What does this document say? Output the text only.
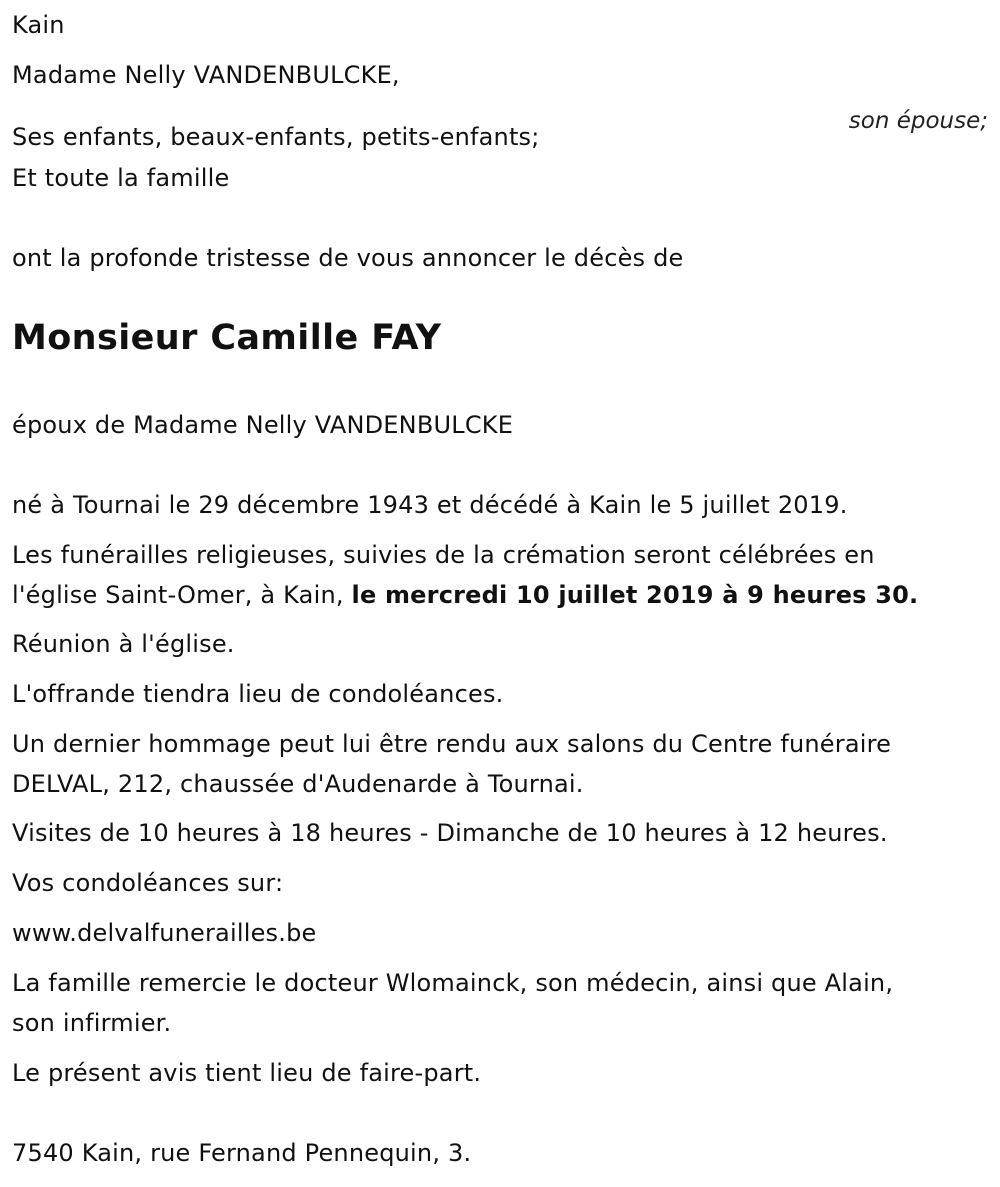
Kain

Madame Nelly VANDENBULCKE,

son épouse;

Ses enfants, beaux-enfants, petits-enfants;

Et toute la famille

ont la profonde tristesse de vous annoncer le décès de

Monsieur Camille FAY

époux de Madame Nelly VANDENBULCKE

né à Tournai le 29 décembre 1943 et décédé à Kain le 5 juillet 2019.

Les funérailles religieuses, suivies de la crémation seront célébrées en

l'église Saint-Omer, à Kain, le mercredi 10 juillet 2019 à 9 heures 30.

Réunion à l'église.

L'offrande tiendra lieu de condoléances.

Un dernier hommage peut lui être rendu aux salons du Centre funéraire

DELVAL, 212, chaussée d'Audenarde à Tournai.

Visites de 10 heures à 18 heures - Dimanche de 10 heures à 12 heures.

Vos condoléances sur:

www.delvalfunerailles.be

La famille remercie le docteur Wlomainck, son médecin, ainsi que Alain,

son infirmier.

Le présent avis tient lieu de faire-part.

7540 Kain, rue Fernand Pennequin, 3.
